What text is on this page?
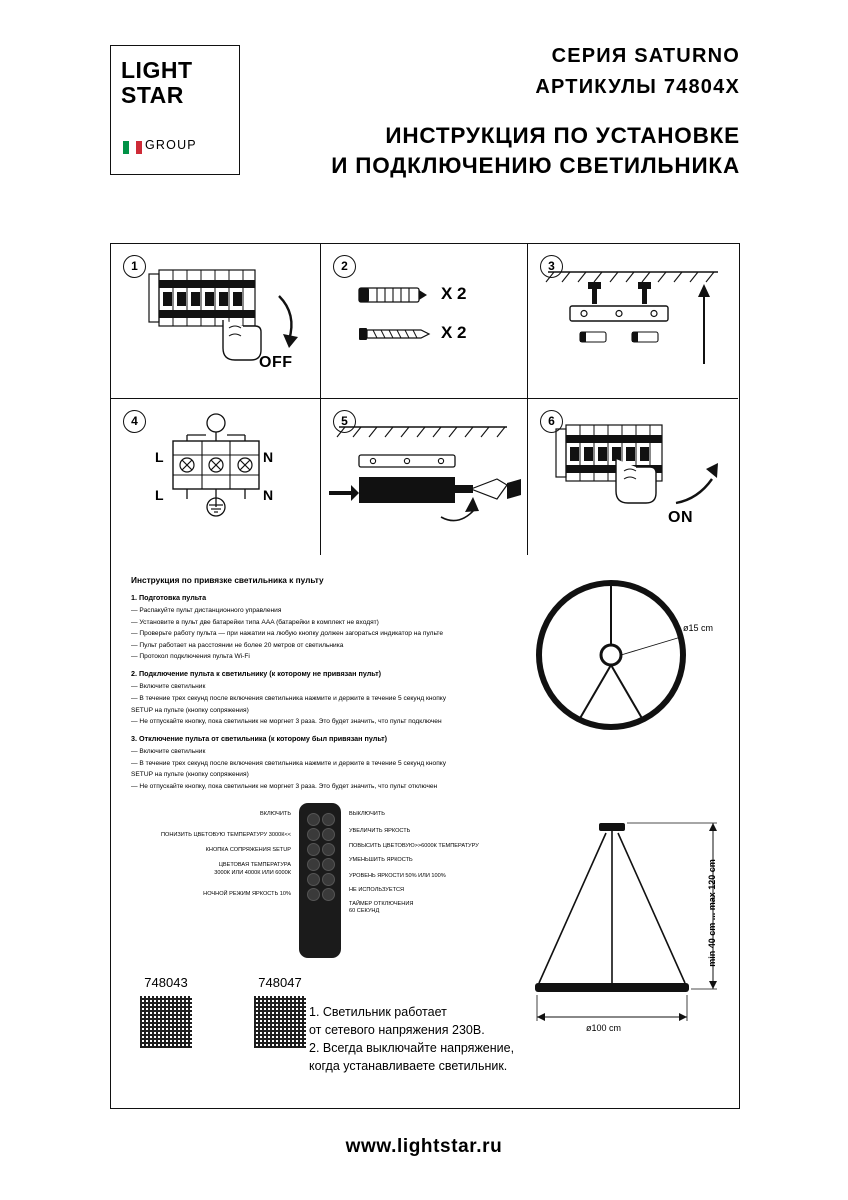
LIGHT
STAR
GROUP
СЕРИЯ SATURNO
АРТИКУЛЫ 74804X
ИНСТРУКЦИЯ ПО УСТАНОВКЕ
И ПОДКЛЮЧЕНИЮ СВЕТИЛЬНИКА
1
OFF
2
X 2
X 2
3
4
L	N
L	N
5	6
ON
Инструкция по привязке светильника к пульту
1. Подготовка пульта

— Распакуйте пульт дистанционного управления

— Установите в пульт две батарейки типа AAA (батарейки в комплект не входят)

— Проверьте работу пульта — при нажатии на любую кнопку должен загораться индикатор на пульте

— Пульт работает на расстоянии не более 20 метров от светильника

— Протокол подключения пульта Wi-Fi

2. Подключение пульта к светильнику (к которому не привязан пульт)

— Включите светильник

— В течение трех секунд после включения светильника нажмите и держите в течение 5 секунд кнопку

SETUP на пульте (кнопку сопряжения)

— Не отпускайте кнопку, пока светильник не моргнет 3 раза. Это будет значить, что пульт подключен

3. Отключение пульта от светильника (к которому был привязан пульт)

— Включите светильник

— В течение трех секунд после включения светильника нажмите и держите в течение 5 секунд кнопку

SETUP на пульте (кнопку сопряжения)

— Не отпускайте кнопку, пока светильник не моргнет 3 раза. Это будет значить, что пульт отключен

ВКЛЮЧИТЬ
ПОНИЗИТЬ ЦВЕТОВУЮ ТЕМПЕРАТУРУ 3000К<<
КНОПКА СОПРЯЖЕНИЯ SETUP
ЦВЕТОВАЯ ТЕМПЕРАТУРА
3000К ИЛИ 4000К ИЛИ 6000К
НОЧНОЙ РЕЖИМ ЯРКОСТЬ 10%
ВЫКЛЮЧИТЬ
УВЕЛИЧИТЬ ЯРКОСТЬ
ПОВЫСИТЬ ЦВЕТОВУЮ>>6000К ТЕМПЕРАТУРУ
УМЕНЬШИТЬ ЯРКОСТЬ
УРОВЕНЬ ЯРКОСТИ 50% ИЛИ 100%
НЕ ИСПОЛЬЗУЕТСЯ
ТАЙМЕР ОТКЛЮЧЕНИЯ
60 СЕКУНД
ø15 cm
ø100 cm
min 40 cm ... max 120 cm
748043	748047
1. Светильник работает
от сетевого напряжения 230В.
2. Всегда выключайте напряжение,
когда устанавливаете светильник.
www.lightstar.ru
